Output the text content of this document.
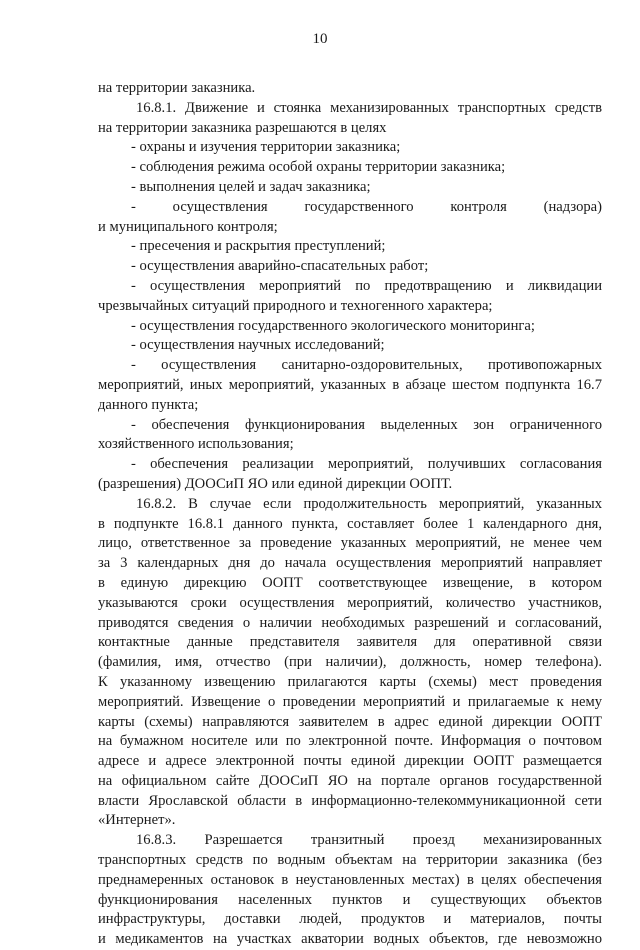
10
на территории заказника.
16.8.1. Движение и стоянка механизированных транспортных средств
на территории заказника разрешаются в целях
- охраны и изучения территории заказника;
- соблюдения режима особой охраны территории заказника;
- выполнения целей и задач заказника;
- осуществления государственного контроля (надзора)
и муниципального контроля;
- пресечения и раскрытия преступлений;
- осуществления аварийно-спасательных работ;
- осуществления мероприятий по предотвращению и ликвидации
чрезвычайных ситуаций природного и техногенного характера;
- осуществления государственного экологического мониторинга;
- осуществления научных исследований;
- осуществления санитарно-оздоровительных, противопожарных
мероприятий, иных мероприятий, указанных в абзаце шестом подпункта 16.7
данного пункта;
- обеспечения функционирования выделенных зон ограниченного
хозяйственного использования;
- обеспечения реализации мероприятий, получивших согласования
(разрешения) ДООСиП ЯО или единой дирекции ООПТ.
16.8.2. В случае если продолжительность мероприятий, указанных
в подпункте 16.8.1 данного пункта, составляет более 1 календарного дня,
лицо, ответственное за проведение указанных мероприятий, не менее чем
за 3 календарных дня до начала осуществления мероприятий направляет
в единую дирекцию ООПТ соответствующее извещение, в котором
указываются сроки осуществления мероприятий, количество участников,
приводятся сведения о наличии необходимых разрешений и согласований,
контактные данные представителя заявителя для оперативной связи
(фамилия, имя, отчество (при наличии), должность, номер телефона).
К указанному извещению прилагаются карты (схемы) мест проведения
мероприятий. Извещение о проведении мероприятий и прилагаемые к нему
карты (схемы) направляются заявителем в адрес единой дирекции ООПТ
на бумажном носителе или по электронной почте. Информация о почтовом
адресе и адресе электронной почты единой дирекции ООПТ размещается
на официальном сайте ДООСиП ЯО на портале органов государственной
власти Ярославской области в информационно-телекоммуникационной сети
«Интернет».
16.8.3. Разрешается транзитный проезд механизированных
транспортных средств по водным объектам на территории заказника (без
преднамеренных остановок в неустановленных местах) в целях обеспечения
функционирования населенных пунктов и существующих объектов
инфраструктуры, доставки людей, продуктов и материалов, почты
и медикаментов на участках акватории водных объектов, где невозможно
